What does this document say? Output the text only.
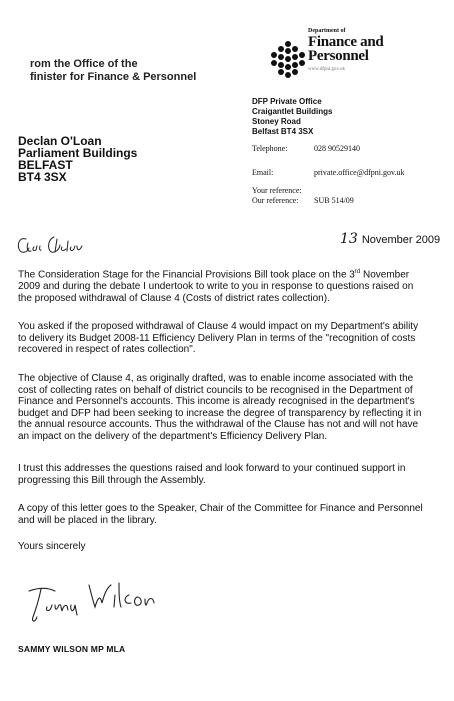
rom the Office of the
finister for Finance & Personnel
Department of
Finance and
Personnel
www.dfpni.gov.uk
DFP Private Office
Craigantlet Buildings
Stoney Road
Belfast BT4 3SX
Telephone:	028 90529140
Email:	private.office@dfpni.gov.uk
Your reference:
Our reference: SUB 514/09
Declan O'Loan
Parliament Buildings
BELFAST
BT4 3SX
13 November 2009

The Consideration Stage for the Financial Provisions Bill took place on the 3rd November 2009 and during the debate I undertook to write to you in response to questions raised on the proposed withdrawal of Clause 4 (Costs of district rates collection).

You asked if the proposed withdrawal of Clause 4 would impact on my Department's ability to delivery its Budget 2008-11 Efficiency Delivery Plan in terms of the "recognition of costs recovered in respect of rates collection".
The objective of Clause 4, as originally drafted, was to enable income associated with the cost of collecting rates on behalf of district councils to be recognised in the Department of Finance and Personnel's accounts. This income is already recognised in the department's budget and DFP had been seeking to increase the degree of transparency by reflecting it in the annual resource accounts. Thus the withdrawal of the Clause has not and will not have an impact on the delivery of the department's Efficiency Delivery Plan.
I trust this addresses the questions raised and look forward to your continued support in progressing this Bill through the Assembly.
A copy of this letter goes to the Speaker, Chair of the Committee for Finance and Personnel and will be placed in the library.
Yours sincerely
SAMMY WILSON MP MLA
